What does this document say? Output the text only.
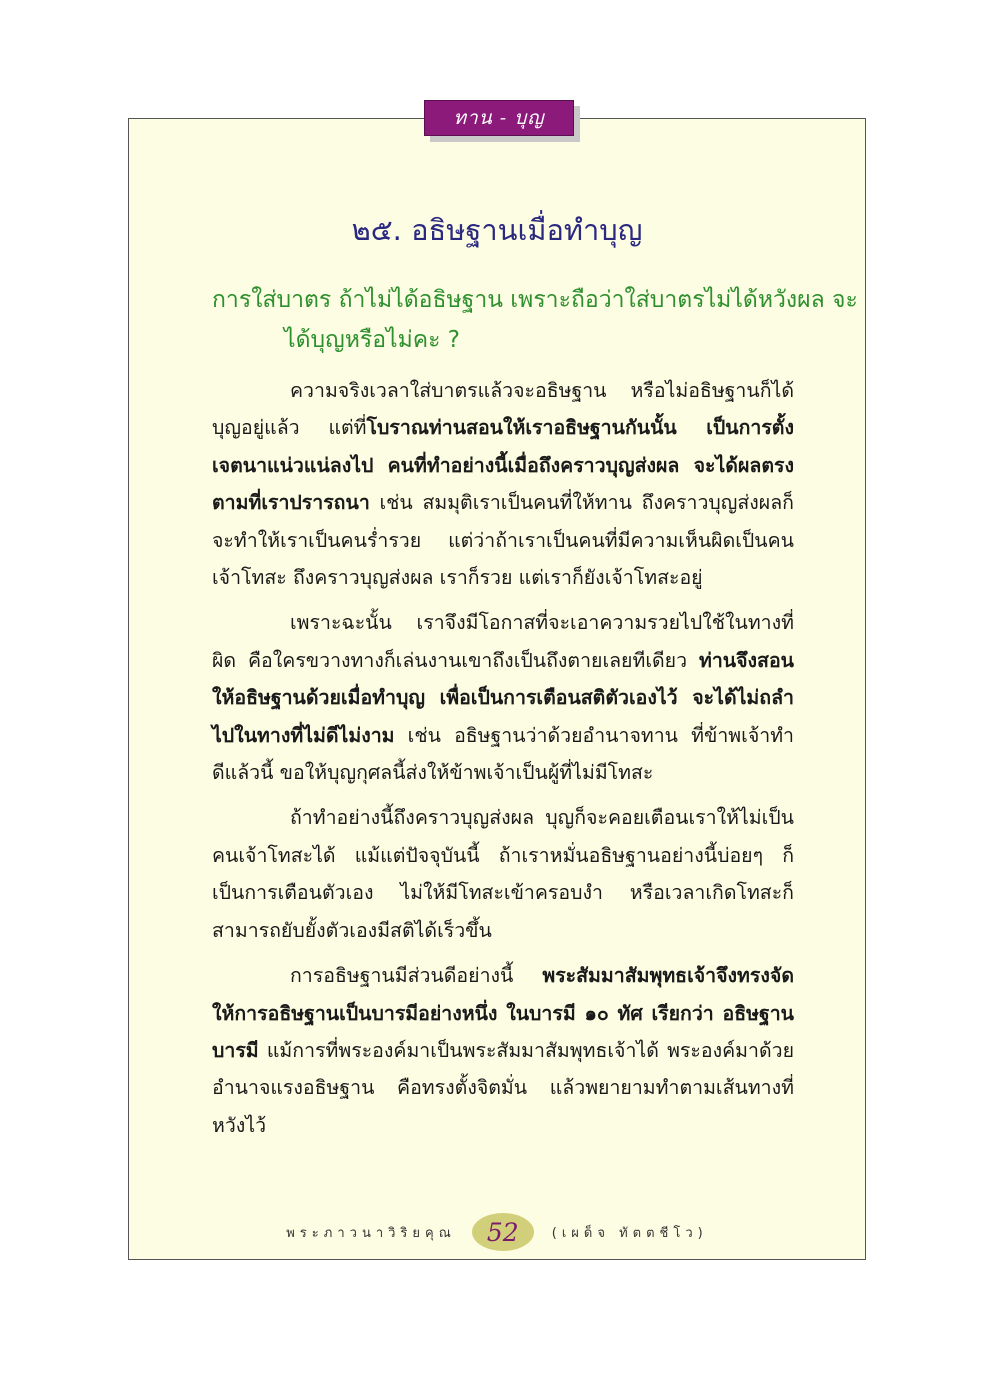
ทาน - บุญ
๒๕. อธิษฐานเมื่อทำบุญ

การใส่บาตร ถ้าไม่ได้อธิษฐาน เพราะถือว่าใส่บาตรไม่ได้หวังผล จะได้บุญหรือไม่คะ ?

ความจริงเวลาใส่บาตรแล้วจะอธิษฐาน หรือไม่อธิษฐานก็ได้บุญอยู่แล้ว แต่ที่โบราณท่านสอนให้เราอธิษฐานกันนั้น เป็นการตั้งเจตนาแน่วแน่ลงไป คนที่ทำอย่างนี้เมื่อถึงคราวบุญส่งผล จะได้ผลตรงตามที่เราปรารถนา เช่น สมมุติเราเป็นคนที่ให้ทาน ถึงคราวบุญส่งผลก็จะทำให้เราเป็นคนร่ำรวย แต่ว่าถ้าเราเป็นคนที่มีความเห็นผิดเป็นคนเจ้าโทสะ ถึงคราวบุญส่งผล เราก็รวย แต่เราก็ยังเจ้าโทสะอยู่

เพราะฉะนั้น เราจึงมีโอกาสที่จะเอาความรวยไปใช้ในทางที่ผิด คือใครขวางทางก็เล่นงานเขาถึงเป็นถึงตายเลยทีเดียว ท่านจึงสอนให้อธิษฐานด้วยเมื่อทำบุญ เพื่อเป็นการเตือนสติตัวเองไว้ จะได้ไม่ถลำไปในทางที่ไม่ดีไม่งาม เช่น อธิษฐานว่าด้วยอำนาจทาน ที่ข้าพเจ้าทำดีแล้วนี้ ขอให้บุญกุศลนี้ส่งให้ข้าพเจ้าเป็นผู้ที่ไม่มีโทสะ

ถ้าทำอย่างนี้ถึงคราวบุญส่งผล บุญก็จะคอยเตือนเราให้ไม่เป็นคนเจ้าโทสะได้ แม้แต่ปัจจุบันนี้ ถ้าเราหมั่นอธิษฐานอย่างนี้บ่อยๆ ก็เป็นการเตือนตัวเอง ไม่ให้มีโทสะเข้าครอบงำ หรือเวลาเกิดโทสะก็สามารถยับยั้งตัวเองมีสติได้เร็วขึ้น

การอธิษฐานมีส่วนดีอย่างนี้ พระสัมมาสัมพุทธเจ้าจึงทรงจัดให้การอธิษฐานเป็นบารมีอย่างหนึ่ง ในบารมี ๑๐ ทัศ เรียกว่า อธิษฐานบารมี แม้การที่พระองค์มาเป็นพระสัมมาสัมพุทธเจ้าได้ พระองค์มาด้วยอำนาจแรงอธิษฐาน คือทรงตั้งจิตมั่น แล้วพยายามทำตามเส้นทางที่หวังไว้

พระภาวนาวิริยคุณ	52	(เผด็จ ทัตตชีโว)
